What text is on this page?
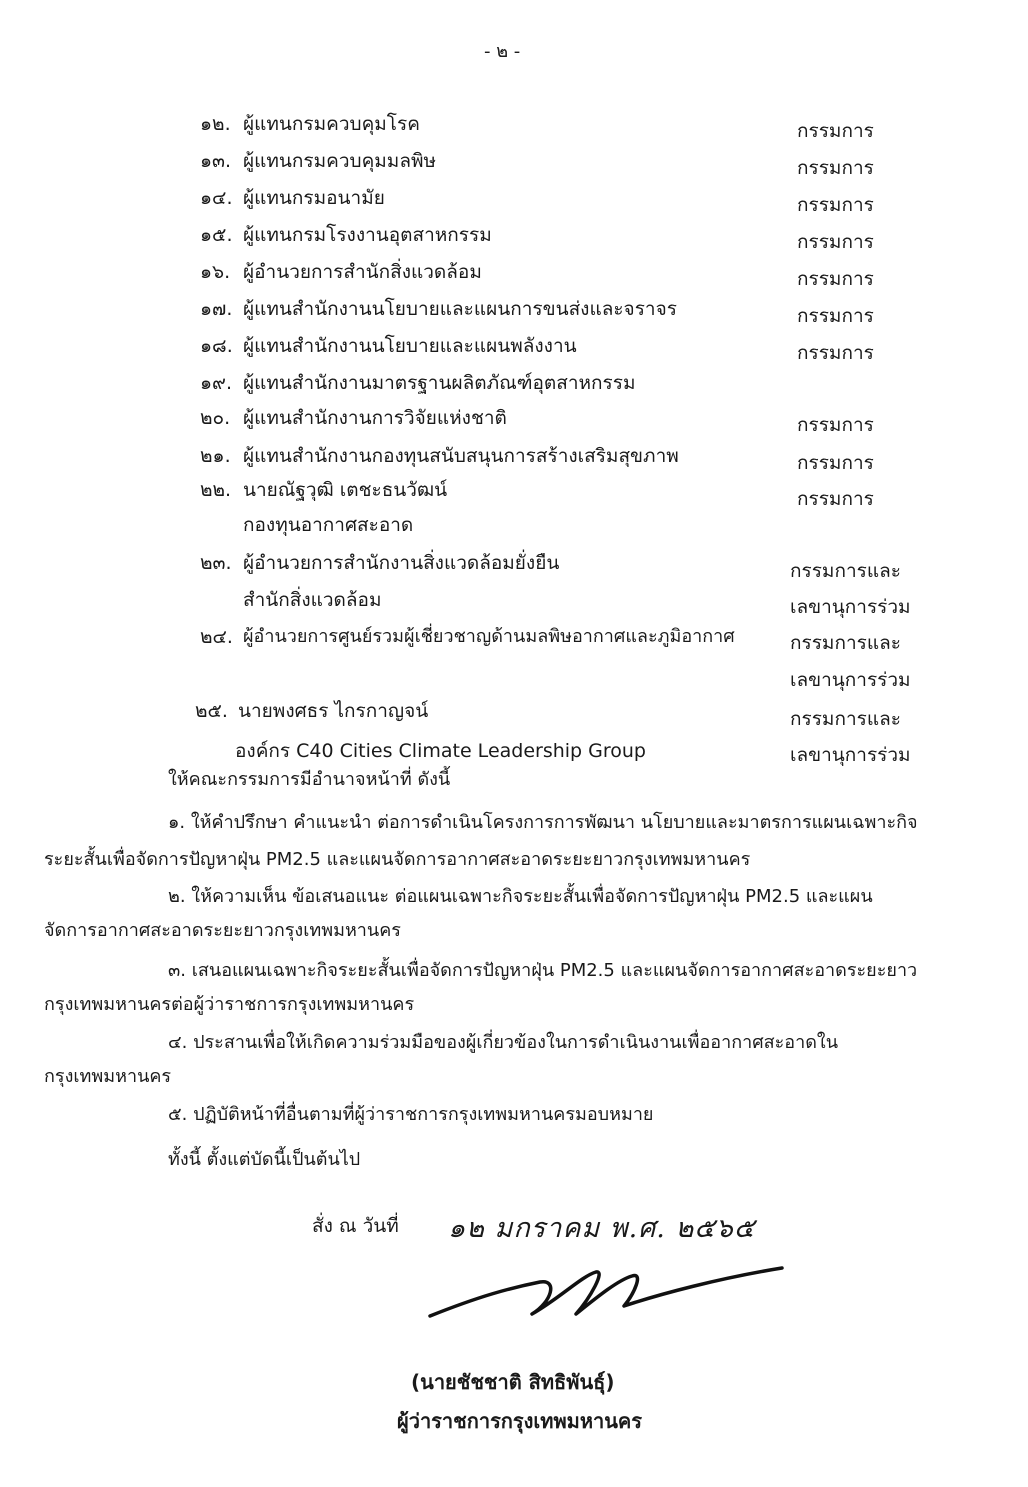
- ๒ -
๑๒. ผู้แทนกรมควบคุมโรค	กรรมการ
๑๓. ผู้แทนกรมควบคุมมลพิษ	กรรมการ
๑๔. ผู้แทนกรมอนามัย	กรรมการ
๑๕. ผู้แทนกรมโรงงานอุตสาหกรรม	กรรมการ
๑๖. ผู้อำนวยการสำนักสิ่งแวดล้อม	กรรมการ
๑๗. ผู้แทนสำนักงานนโยบายและแผนการขนส่งและจราจร	กรรมการ
๑๘. ผู้แทนสำนักงานนโยบายและแผนพลังงาน	กรรมการ
๑๙. ผู้แทนสำนักงานมาตรฐานผลิตภัณฑ์อุตสาหกรรม
๒๐. ผู้แทนสำนักงานการวิจัยแห่งชาติ	กรรมการ
๒๑. ผู้แทนสำนักงานกองทุนสนับสนุนการสร้างเสริมสุขภาพ	กรรมการ
๒๒. นายณัฐวุฒิ เตชะธนวัฒน์	กรรมการ
กองทุนอากาศสะอาด
๒๓. ผู้อำนวยการสำนักงานสิ่งแวดล้อมยั่งยืน	กรรมการและ
สำนักสิ่งแวดล้อม	เลขานุการร่วม
๒๔. ผู้อำนวยการศูนย์รวมผู้เชี่ยวชาญด้านมลพิษอากาศและภูมิอากาศ	กรรมการและ
เลขานุการร่วม
๒๕. นายพงศธร ไกรกาญจน์	กรรมการและ
องค์กร C40 Cities Climate Leadership Group	เลขานุการร่วม
ให้คณะกรรมการมีอำนาจหน้าที่ ดังนี้
๑. ให้คำปรึกษา คำแนะนำ ต่อการดำเนินโครงการการพัฒนา นโยบายและมาตรการแผนเฉพาะกิจ
ระยะสั้นเพื่อจัดการปัญหาฝุ่น PM2.5 และแผนจัดการอากาศสะอาดระยะยาวกรุงเทพมหานคร
๒. ให้ความเห็น ข้อเสนอแนะ ต่อแผนเฉพาะกิจระยะสั้นเพื่อจัดการปัญหาฝุ่น PM2.5 และแผน
จัดการอากาศสะอาดระยะยาวกรุงเทพมหานคร
๓. เสนอแผนเฉพาะกิจระยะสั้นเพื่อจัดการปัญหาฝุ่น PM2.5 และแผนจัดการอากาศสะอาดระยะยาว
กรุงเทพมหานครต่อผู้ว่าราชการกรุงเทพมหานคร
๔. ประสานเพื่อให้เกิดความร่วมมือของผู้เกี่ยวข้องในการดำเนินงานเพื่ออากาศสะอาดใน
กรุงเทพมหานคร
๕. ปฏิบัติหน้าที่อื่นตามที่ผู้ว่าราชการกรุงเทพมหานครมอบหมาย
ทั้งนี้ ตั้งแต่บัดนี้เป็นต้นไป
สั่ง ณ วันที่ ๑๒ มกราคม พ.ศ. ๒๕๖๕
(นายชัชชาติ สิทธิพันธุ์)
ผู้ว่าราชการกรุงเทพมหานคร
